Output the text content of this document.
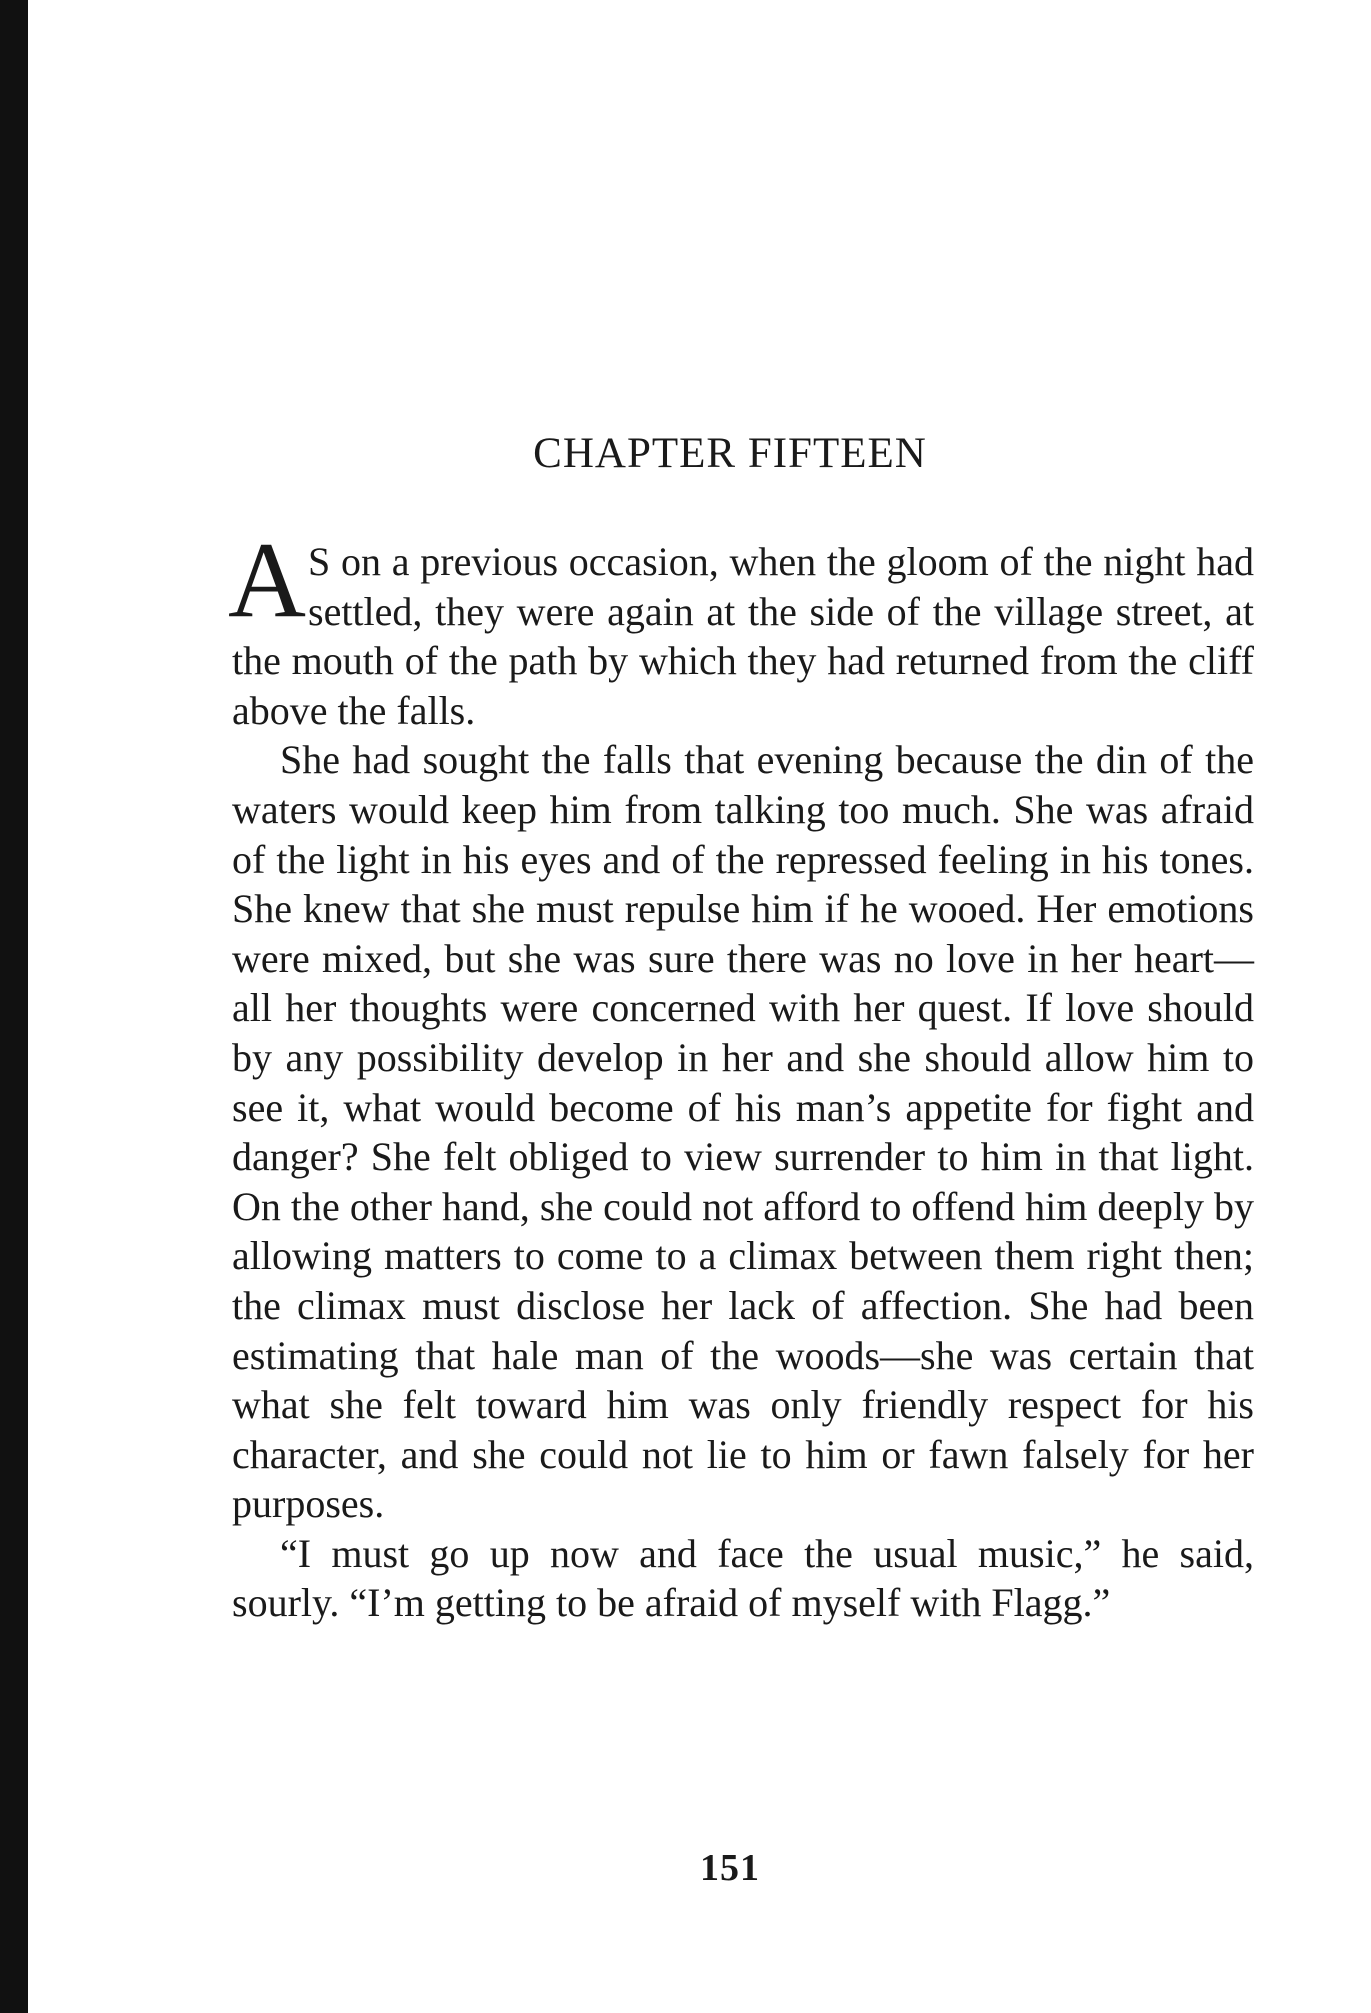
CHAPTER FIFTEEN

A S on a previous occasion, when the gloom of the night had settled, they were again at the side of the village street, at the mouth of the path by which they had returned from the cliff above the falls.

She had sought the falls that evening because the din of the waters would keep him from talking too much. She was afraid of the light in his eyes and of the repressed feeling in his tones. She knew that she must repulse him if he wooed. Her emotions were mixed, but she was sure there was no love in her heart—all her thoughts were concerned with her quest. If love should by any possibility develop in her and she should allow him to see it, what would become of his man’s appetite for fight and danger? She felt obliged to view surrender to him in that light. On the other hand, she could not afford to offend him deeply by allowing matters to come to a climax between them right then; the climax must disclose her lack of affection. She had been estimating that hale man of the woods—she was certain that what she felt toward him was only friendly respect for his character, and she could not lie to him or fawn falsely for her purposes.

“I must go up now and face the usual music,” he said, sourly. “I’m getting to be afraid of myself with Flagg.”

151
